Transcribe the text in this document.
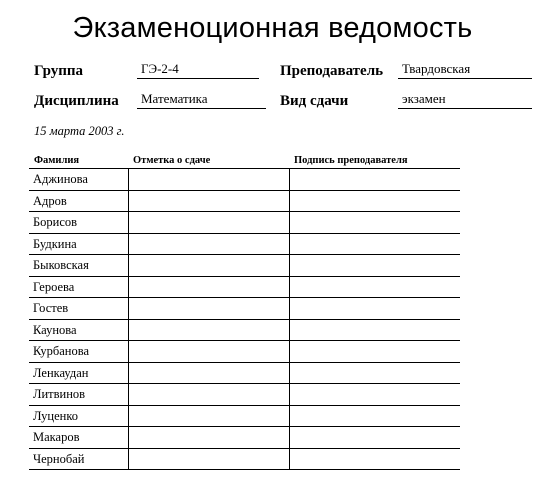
Экзаменоционная ведомость
Группа	ГЭ-2-4	Преподаватель	Твардовская
Дисциплина	Математика	Вид сдачи	экзамен
15 марта 2003 г.
Фамилия	Отметка о сдаче	Подпись преподавателя
Аджинова		
Адров		
Борисов		
Будкина		
Быковская		
Героева		
Гостев		
Каунова		
Курбанова		
Ленкаудан		
Литвинов		
Луценко		
Макаров		
Чернобай		
